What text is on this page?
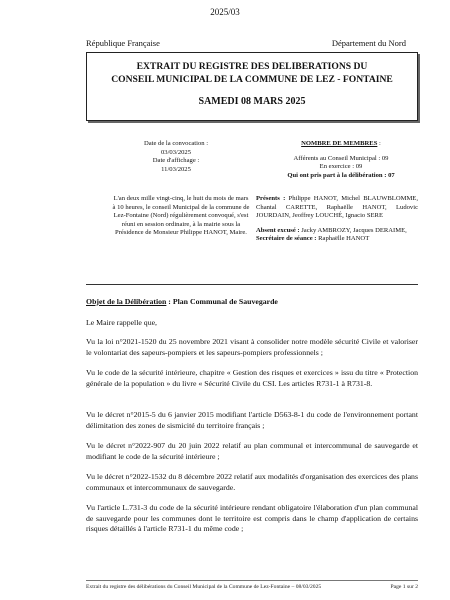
2025/03
République Française	Département du Nord
EXTRAIT DU REGISTRE DES DELIBERATIONS DU
CONSEIL MUNICIPAL DE LA COMMUNE DE LEZ - FONTAINE
SAMEDI 08 MARS 2025
Date de la convocation :
03/03/2025
Date d'affichage :
11/03/2025
NOMBRE DE MEMBRES :
Afférents au Conseil Municipal : 09
En exercice : 09
Qui ont pris part à la délibération : 07
L'an deux mille vingt-cinq, le huit du mois de mars à 10 heures, le conseil Municipal de la commune de Lez-Fontaine (Nord) régulièrement convoqué, s'est réuni en session ordinaire, à la mairie sous la Présidence de Monsieur Philippe HANOT, Maire.
Présents : Philippe HANOT, Michel BLAUWBLOMME, Chantal CARETTE, Raphaëlle HANOT, Ludovic JOURDAIN, Jeoffrey LOUCHÉ, Ignacio SERE
Absent excusé : Jacky AMBROZY, Jacques DERAIME,
Secrétaire de séance : Raphaëlle HANOT
Objet de la Délibération : Plan Communal de Sauvegarde
Le Maire rappelle que,
Vu la loi n°2021-1520 du 25 novembre 2021 visant à consolider notre modèle sécurité Civile et valoriser le volontariat des sapeurs-pompiers et les sapeurs-pompiers professionnels ;
Vu le code de la sécurité intérieure, chapitre « Gestion des risques et exercices » issu du titre « Protection générale de la population » du livre « Sécurité Civile du CSI. Les articles R731-1 à R731-8.
Vu le décret n°2015-5 du 6 janvier 2015 modifiant l'article D563-8-1 du code de l'environnement portant délimitation des zones de sismicité du territoire français ;
Vu le décret n°2022-907 du 20 juin 2022 relatif au plan communal et intercommunal de sauvegarde et modifiant le code de la sécurité intérieure ;
Vu le décret n°2022-1532 du 8 décembre 2022 relatif aux modalités d'organisation des exercices des plans communaux et intercommunaux de sauvegarde.
Vu l'article L.731-3 du code de la sécurité intérieure rendant obligatoire l'élaboration d'un plan communal de sauvegarde pour les communes dont le territoire est compris dans le champ d'application de certains risques détaillés à l'article R731-1 du même code ;
Extrait du registre des délibérations du Conseil Municipal de la Commune de Lez-Fontaine – 08/03/2025	Page 1 sur 2
